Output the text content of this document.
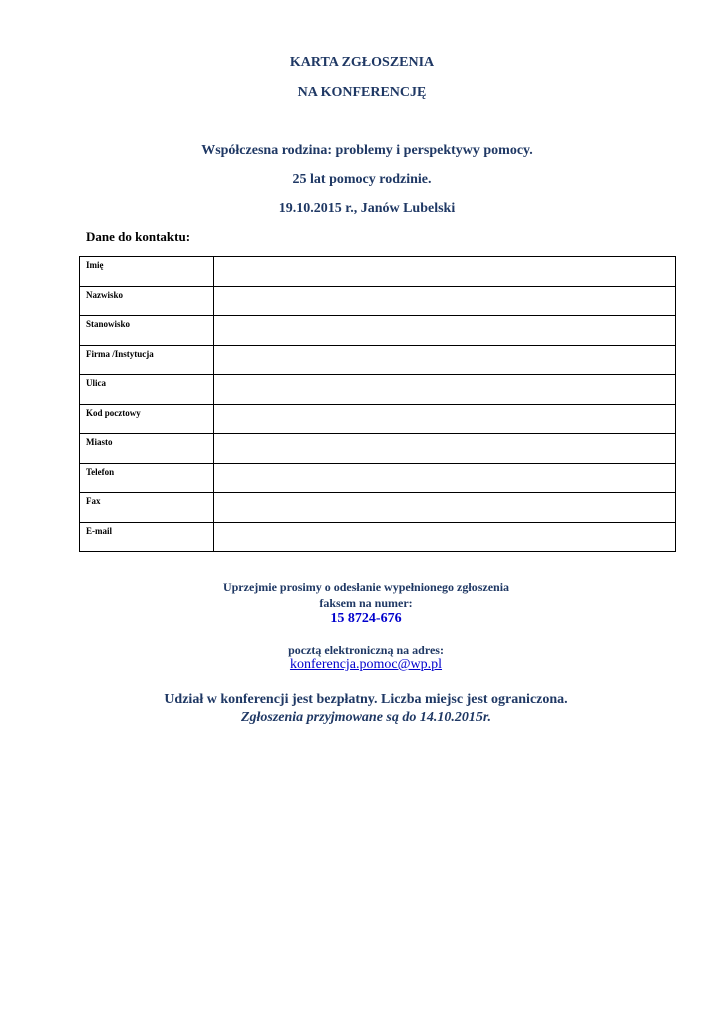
KARTA ZGŁOSZENIA
NA KONFERENCJĘ
Współczesna rodzina: problemy i perspektywy pomocy.
25 lat pomocy rodzinie.
19.10.2015 r., Janów Lubelski
Dane do kontaktu:
Imię	
Nazwisko	
Stanowisko	
Firma /Instytucja	
Ulica	
Kod pocztowy	
Miasto	
Telefon	
Fax	
E-mail	
Uprzejmie prosimy o odesłanie wypełnionego zgłoszenia
faksem na numer:
15 8724-676
pocztą elektroniczną na adres:
konferencja.pomoc@wp.pl
Udział w konferencji jest bezpłatny. Liczba miejsc jest ograniczona.
Zgłoszenia przyjmowane są do 14.10.2015r.
